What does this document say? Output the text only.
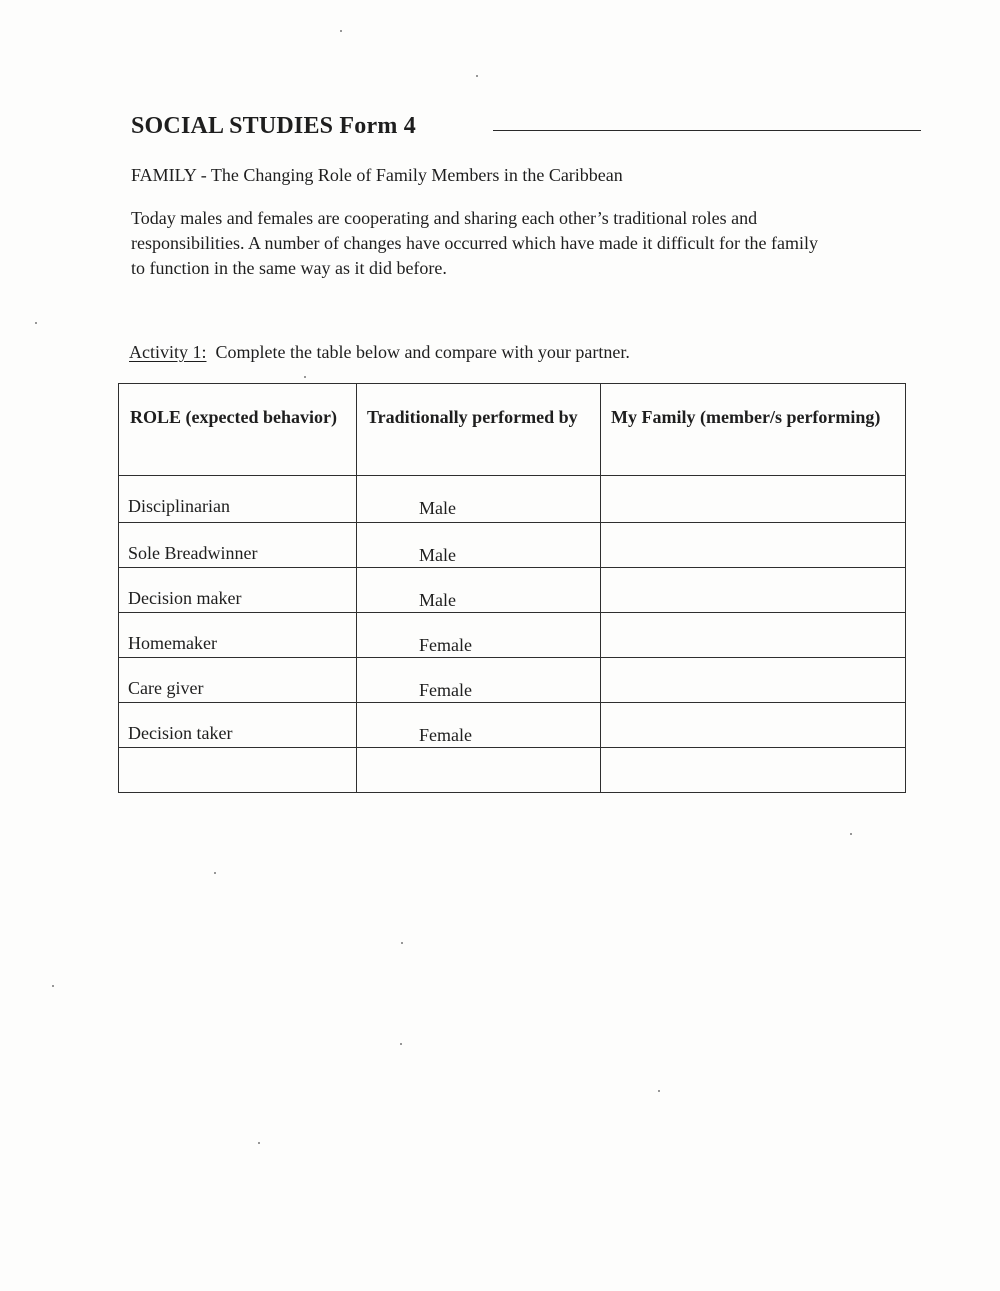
SOCIAL STUDIES Form 4
FAMILY - The Changing Role of Family Members in the Caribbean
Today males and females are cooperating and sharing each other’s traditional roles and
responsibilities. A number of changes have occurred which have made it difficult for the family
to function in the same way as it did before.
Activity 1: Complete the table below and compare with your partner.
ROLE (expected behavior)	Traditionally performed by	My Family (member/s performing)
Disciplinarian	Male	
Sole Breadwinner	Male	
Decision maker	Male	
Homemaker	Female	
Care giver	Female	
Decision taker	Female	
